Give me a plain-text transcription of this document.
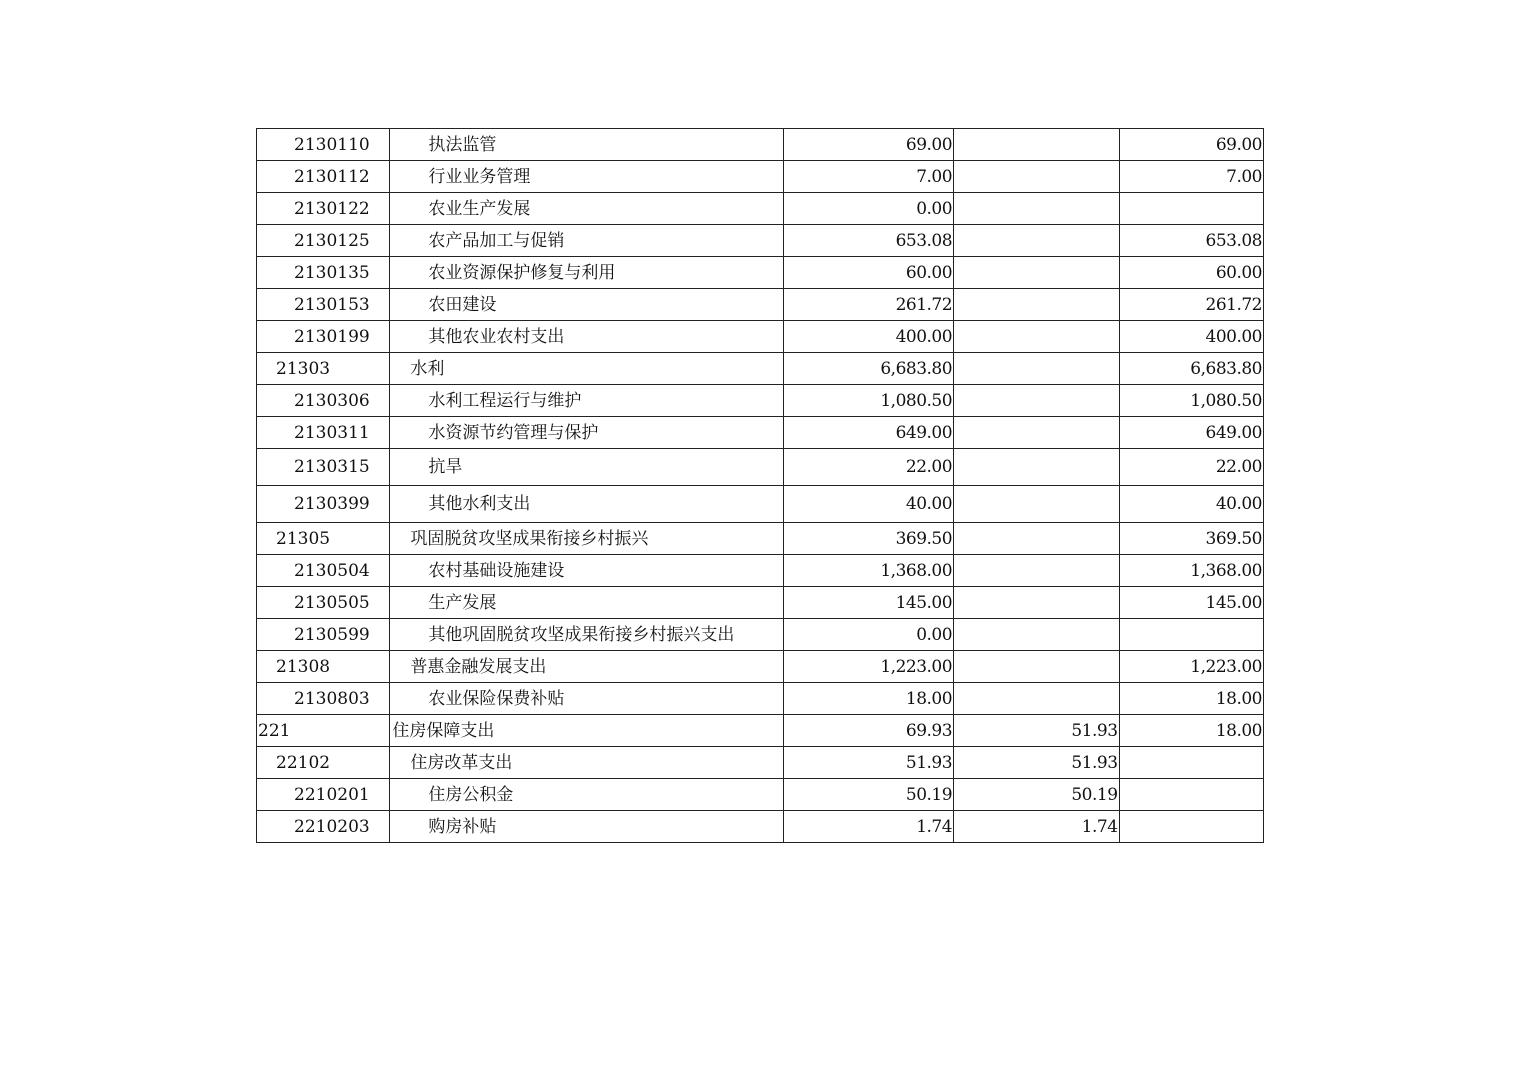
2130110	执法监管	69.00		69.00
2130112	行业业务管理	7.00		7.00
2130122	农业生产发展	0.00		
2130125	农产品加工与促销	653.08		653.08
2130135	农业资源保护修复与利用	60.00		60.00
2130153	农田建设	261.72		261.72
2130199	其他农业农村支出	400.00		400.00
21303	水利	6,683.80		6,683.80
2130306	水利工程运行与维护	1,080.50		1,080.50
2130311	水资源节约管理与保护	649.00		649.00
2130315	抗旱	22.00		22.00
2130399	其他水利支出	40.00		40.00
21305	巩固脱贫攻坚成果衔接乡村振兴	369.50		369.50
2130504	农村基础设施建设	1,368.00		1,368.00
2130505	生产发展	145.00		145.00
2130599	其他巩固脱贫攻坚成果衔接乡村振兴支出	0.00		
21308	普惠金融发展支出	1,223.00		1,223.00
2130803	农业保险保费补贴	18.00		18.00
221	住房保障支出	69.93	51.93	18.00
22102	住房改革支出	51.93	51.93	
2210201	住房公积金	50.19	50.19	
2210203	购房补贴	1.74	1.74	
